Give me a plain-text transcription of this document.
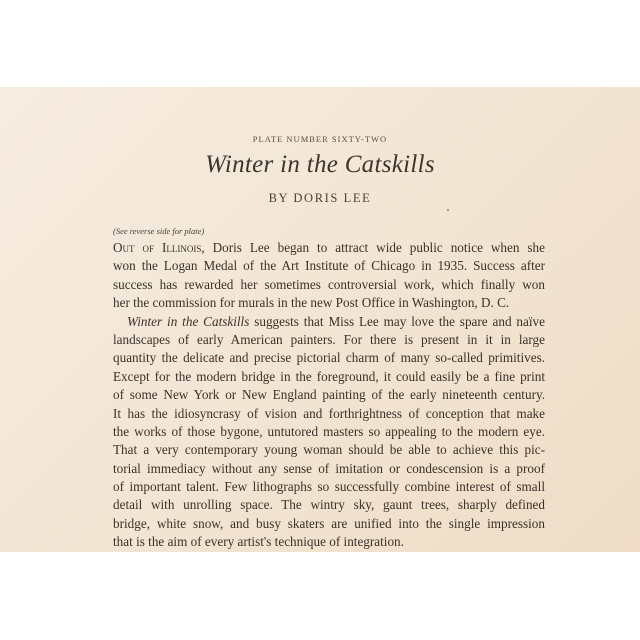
PLATE NUMBER SIXTY-TWO
Winter in the Catskills
BY DORIS LEE
(See reverse side for plate)
Out of Illinois, Doris Lee began to attract wide public notice when she
won the Logan Medal of the Art Institute of Chicago in 1935. Success after
success has rewarded her sometimes controversial work, which finally won
her the commission for murals in the new Post Office in Washington, D. C.
Winter in the Catskills suggests that Miss Lee may love the spare and naïve
landscapes of early American painters. For there is present in it in large
quantity the delicate and precise pictorial charm of many so-called primitives.
Except for the modern bridge in the foreground, it could easily be a fine print
of some New York or New England painting of the early nineteenth century.
It has the idiosyncrasy of vision and forthrightness of conception that make
the works of those bygone, untutored masters so appealing to the modern eye.
That a very contemporary young woman should be able to achieve this pic-
torial immediacy without any sense of imitation or condescension is a proof
of important talent. Few lithographs so successfully combine interest of small
detail with unrolling space. The wintry sky, gaunt trees, sharply defined
bridge, white snow, and busy skaters are unified into the single impression
that is the aim of every artist's technique of integration.
